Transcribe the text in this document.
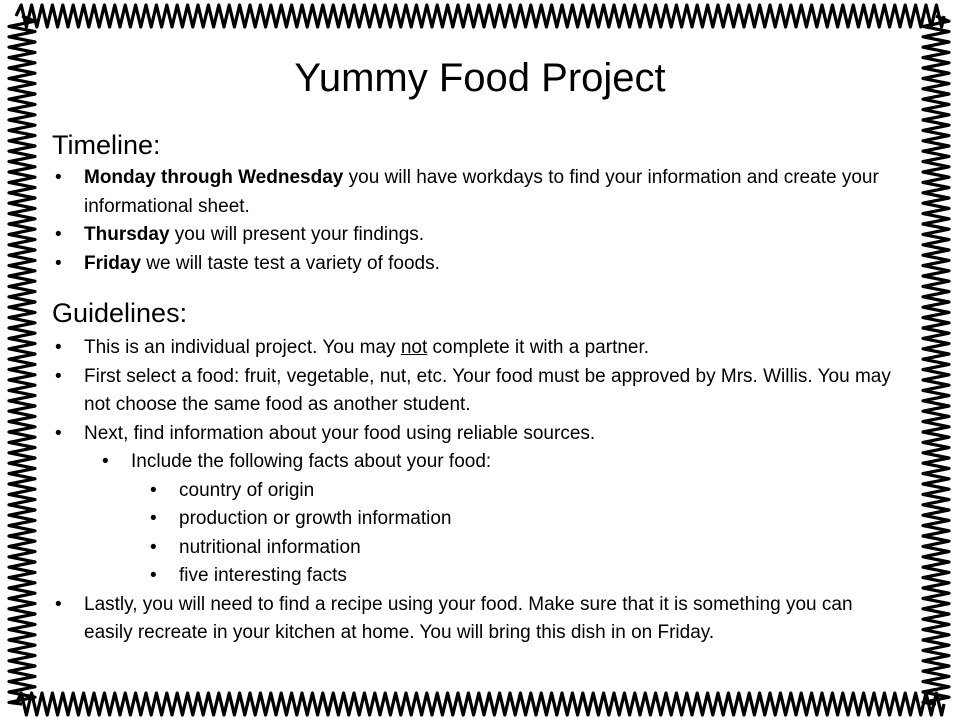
Yummy Food Project
Timeline:
• Monday through Wednesday you will have workdays to find your information and create your informational sheet.
• Thursday you will present your findings.
• Friday we will taste test a variety of foods.
Guidelines:
• This is an individual project. You may not complete it with a partner.
• First select a food: fruit, vegetable, nut, etc. Your food must be approved by Mrs. Willis. You may not choose the same food as another student.
• Next, find information about your food using reliable sources.
• Include the following facts about your food:
• country of origin
• production or growth information
• nutritional information
• five interesting facts
• Lastly, you will need to find a recipe using your food. Make sure that it is something you can easily recreate in your kitchen at home. You will bring this dish in on Friday.
